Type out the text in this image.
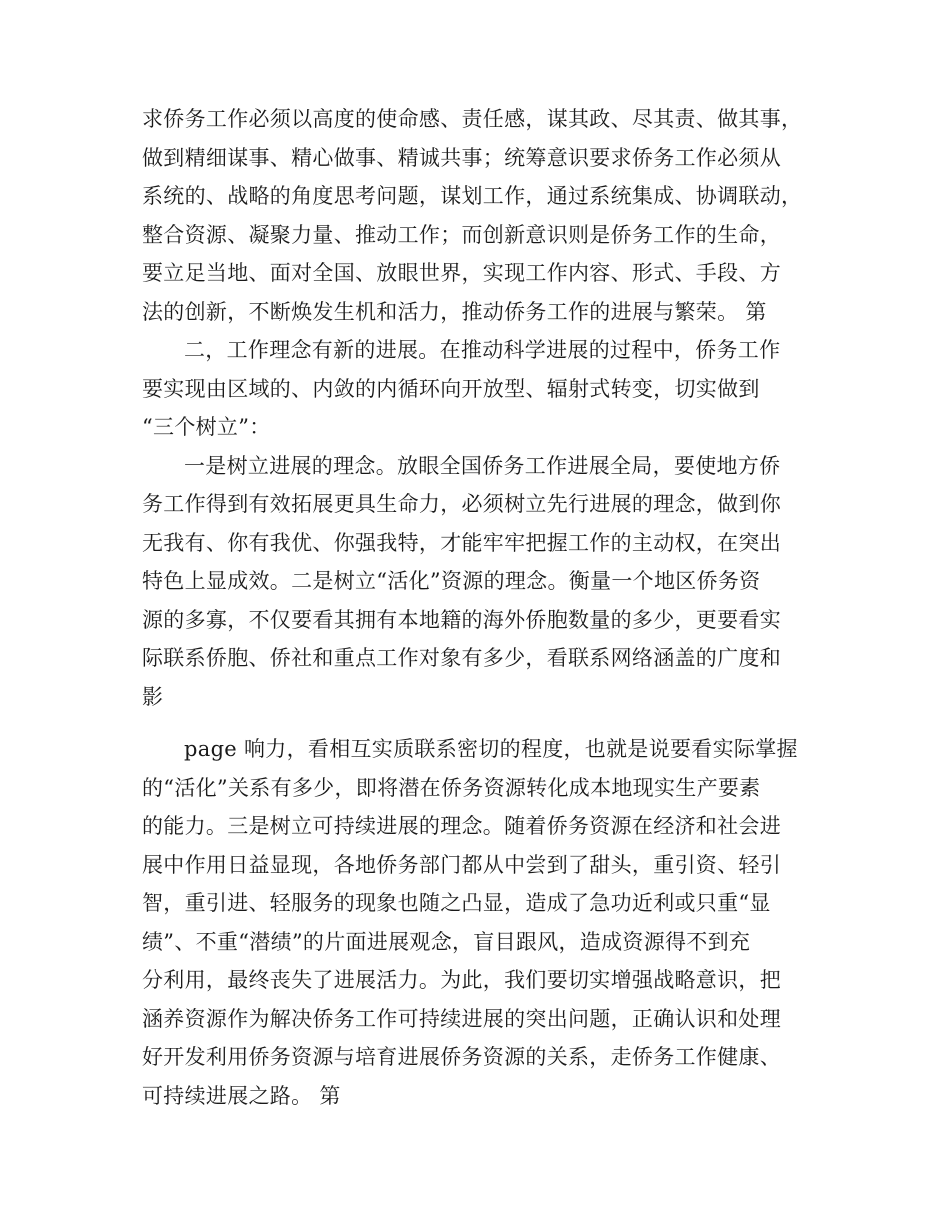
求侨务工作必须以高度的使命感、责任感，谋其政、尽其责、做其事，
做到精细谋事、精心做事、精诚共事；统筹意识要求侨务工作必须从
系统的、战略的角度思考问题，谋划工作，通过系统集成、协调联动，
整合资源、凝聚力量、推动工作；而创新意识则是侨务工作的生命，
要立足当地、面对全国、放眼世界，实现工作内容、形式、手段、方
法的创新，不断焕发生机和活力，推动侨务工作的进展与繁荣。 第
二，工作理念有新的进展。在推动科学进展的过程中，侨务工作
要实现由区域的、内敛的内循环向开放型、辐射式转变，切实做到
“三个树立”：
一是树立进展的理念。放眼全国侨务工作进展全局，要使地方侨
务工作得到有效拓展更具生命力，必须树立先行进展的理念，做到你
无我有、你有我优、你强我特，才能牢牢把握工作的主动权，在突出
特色上显成效。二是树立“活化”资源的理念。衡量一个地区侨务资
源的多寡，不仅要看其拥有本地籍的海外侨胞数量的多少，更要看实
际联系侨胞、侨社和重点工作对象有多少，看联系网络涵盖的广度和
影
page 响力，看相互实质联系密切的程度，也就是说要看实际掌握
的“活化”关系有多少，即将潜在侨务资源转化成本地现实生产要素
的能力。三是树立可持续进展的理念。随着侨务资源在经济和社会进
展中作用日益显现，各地侨务部门都从中尝到了甜头，重引资、轻引
智，重引进、轻服务的现象也随之凸显，造成了急功近利或只重“显
绩”、不重“潜绩”的片面进展观念，盲目跟风，造成资源得不到充
分利用，最终丧失了进展活力。为此，我们要切实增强战略意识，把
涵养资源作为解决侨务工作可持续进展的突出问题，正确认识和处理
好开发利用侨务资源与培育进展侨务资源的关系，走侨务工作健康、
可持续进展之路。 第
